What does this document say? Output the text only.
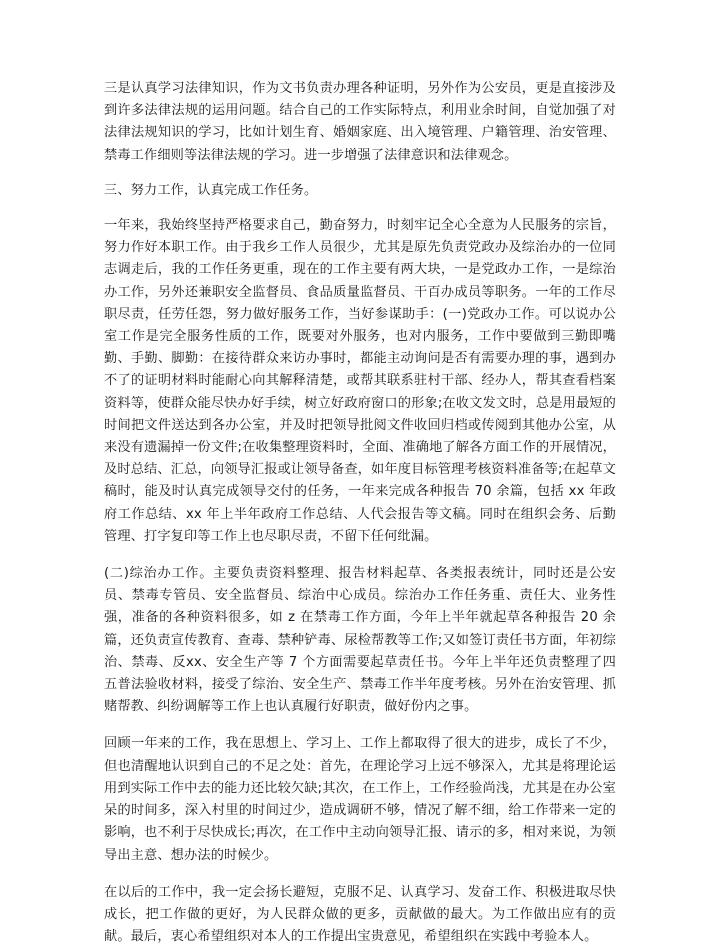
三是认真学习法律知识，作为文书负责办理各种证明，另外作为公安员，更是直接涉及到许多法律法规的运用问题。结合自己的工作实际特点，利用业余时间，自觉加强了对法律法规知识的学习，比如计划生育、婚姻家庭、出入境管理、户籍管理、治安管理、禁毒工作细则等法律法规的学习。进一步增强了法律意识和法律观念。

三、努力工作，认真完成工作任务。

一年来，我始终坚持严格要求自己，勤奋努力，时刻牢记全心全意为人民服务的宗旨，努力作好本职工作。由于我乡工作人员很少，尤其是原先负责党政办及综治办的一位同志调走后，我的工作任务更重，现在的工作主要有两大块，一是党政办工作，一是综治办工作，另外还兼职安全监督员、食品质量监督员、干百办成员等职务。一年的工作尽职尽责，任劳任怨，努力做好服务工作，当好参谋助手：(一)党政办工作。可以说办公室工作是完全服务性质的工作，既要对外服务，也对内服务，工作中要做到三勤即嘴勤、手勤、脚勤：在接待群众来访办事时，都能主动询问是否有需要办理的事，遇到办不了的证明材料时能耐心向其解释清楚，或帮其联系驻村干部、经办人，帮其查看档案资料等，使群众能尽快办好手续，树立好政府窗口的形象;在收文发文时，总是用最短的时间把文件送达到各办公室，并及时把领导批阅文件收回归档或传阅到其他办公室，从来没有遗漏掉一份文件;在收集整理资料时，全面、准确地了解各方面工作的开展情况，及时总结、汇总，向领导汇报或让领导备查，如年度目标管理考核资料准备等;在起草文稿时，能及时认真完成领导交付的任务，一年来完成各种报告 70 余篇，包括 xx 年政府工作总结、xx 年上半年政府工作总结、人代会报告等文稿。同时在组织会务、后勤管理、打字复印等工作上也尽职尽责，不留下任何纰漏。

(二)综治办工作。主要负责资料整理、报告材料起草、各类报表统计，同时还是公安员、禁毒专管员、安全监督员、综治中心成员。综治办工作任务重、责任大、业务性强，准备的各种资料很多，如 z 在禁毒工作方面，今年上半年就起草各种报告 20 余篇，还负责宣传教育、查毒、禁种铲毒、尿检帮教等工作;又如签订责任书方面，年初综治、禁毒、反xx、安全生产等 7 个方面需要起草责任书。今年上半年还负责整理了四五普法验收材料，接受了综治、安全生产、禁毒工作半年度考核。另外在治安管理、抓赌帮教、纠纷调解等工作上也认真履行好职责，做好份内之事。

回顾一年来的工作，我在思想上、学习上、工作上都取得了很大的进步，成长了不少，但也清醒地认识到自己的不足之处：首先，在理论学习上远不够深入，尤其是将理论运用到实际工作中去的能力还比较欠缺;其次，在工作上，工作经验尚浅，尤其是在办公室呆的时间多，深入村里的时间过少，造成调研不够，情况了解不细，给工作带来一定的影响，也不利于尽快成长;再次，在工作中主动向领导汇报、请示的多，相对来说，为领导出主意、想办法的时候少。

在以后的工作中，我一定会扬长避短，克服不足、认真学习、发奋工作、积极进取尽快成长，把工作做的更好，为人民群众做的更多，贡献做的最大。为工作做出应有的贡献。最后，衷心希望组织对本人的工作提出宝贵意见，希望组织在实践中考验本人。
